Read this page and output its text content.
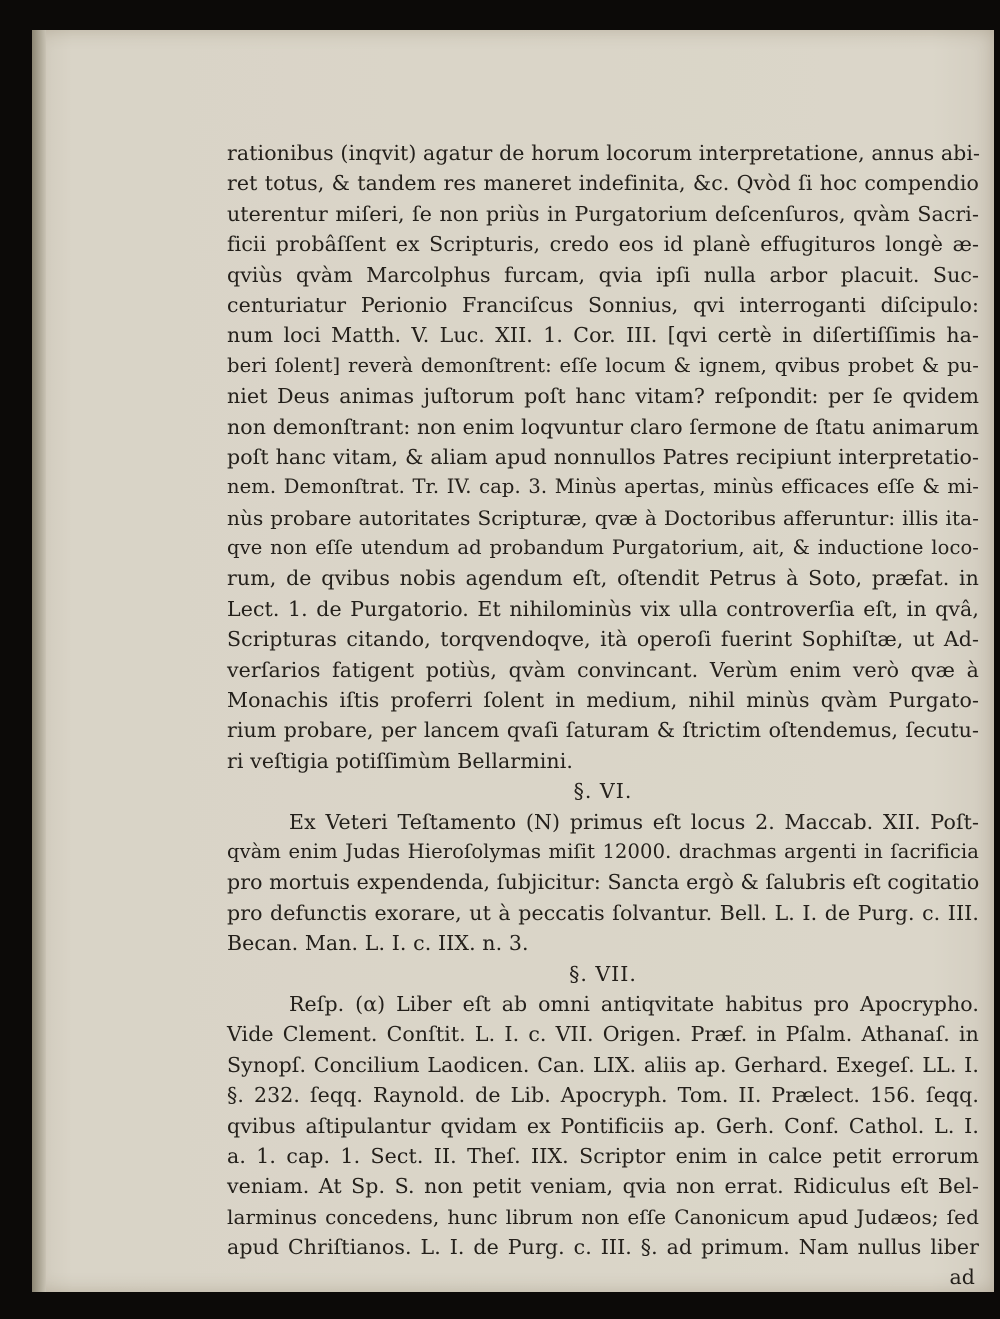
rationibus (inqvit) agatur de horum locorum interpretatione, annus abi-
ret totus, & tandem res maneret indefinita, &c. Qvòd ſi hoc compendio
uterentur miſeri, ſe non priùs in Purgatorium deſcenſuros, qvàm Sacri-
ficii probâſſent ex Scripturis, credo eos id planè effugituros longè æ-
qviùs qvàm Marcolphus furcam, qvia ipſi nulla arbor placuit. Suc-
centuriatur Perionio Franciſcus Sonnius, qvi interroganti diſcipulo:
num loci Matth. V. Luc. XII. 1. Cor. III. [qvi certè in diſertiſſimis ha-
beri ſolent] reverà demonſtrent: eſſe locum & ignem, qvibus probet & pu-
niet Deus animas juſtorum poſt hanc vitam? reſpondit: per ſe qvidem
non demonſtrant: non enim loqvuntur claro ſermone de ſtatu animarum
poſt hanc vitam, & aliam apud nonnullos Patres recipiunt interpretatio-
nem. Demonſtrat. Tr. IV. cap. 3. Minùs apertas, minùs efficaces eſſe & mi-
nùs probare autoritates Scripturæ, qvæ à Doctoribus afferuntur: illis ita-
qve non eſſe utendum ad probandum Purgatorium, ait, & inductione loco-
rum, de qvibus nobis agendum eſt, oſtendit Petrus à Soto, præfat. in
Lect. 1. de Purgatorio. Et nihilominùs vix ulla controverſia eſt, in qvâ,
Scripturas citando, torqvendoqve, ità operoſi fuerint Sophiſtæ, ut Ad-
verſarios fatigent potiùs, qvàm convincant. Verùm enim verò qvæ à
Monachis iſtis proferri ſolent in medium, nihil minùs qvàm Purgato-
rium probare, per lancem qvaſi ſaturam & ſtrictim oſtendemus, ſecutu-
ri veſtigia potiſſimùm Bellarmini.
§. VI.
Ex Veteri Teſtamento (N) primus eſt locus 2. Maccab. XII. Poſt-
qvàm enim Judas Hieroſolymas miſit 12000. drachmas argenti in ſacrificia
pro mortuis expendenda, ſubjicitur: Sancta ergò & ſalubris eſt cogitatio
pro defunctis exorare, ut à peccatis ſolvantur. Bell. L. I. de Purg. c. III.
Becan. Man. L. I. c. IIX. n. 3.
§. VII.
Reſp. (α) Liber eſt ab omni antiqvitate habitus pro Apocrypho.
Vide Clement. Conſtit. L. I. c. VII. Origen. Præf. in Pſalm. Athanaſ. in
Synopſ. Concilium Laodicen. Can. LIX. aliis ap. Gerhard. Exegeſ. LL. I.
§. 232. ſeqq. Raynold. de Lib. Apocryph. Tom. II. Prælect. 156. ſeqq.
qvibus aſtipulantur qvidam ex Pontificiis ap. Gerh. Conf. Cathol. L. I.
a. 1. cap. 1. Sect. II. Theſ. IIX. Scriptor enim in calce petit errorum
veniam. At Sp. S. non petit veniam, qvia non errat. Ridiculus eſt Bel-
larminus concedens, hunc librum non eſſe Canonicum apud Judæos; ſed
apud Chriſtianos. L. I. de Purg. c. III. §. ad primum. Nam nullus liber
ad
